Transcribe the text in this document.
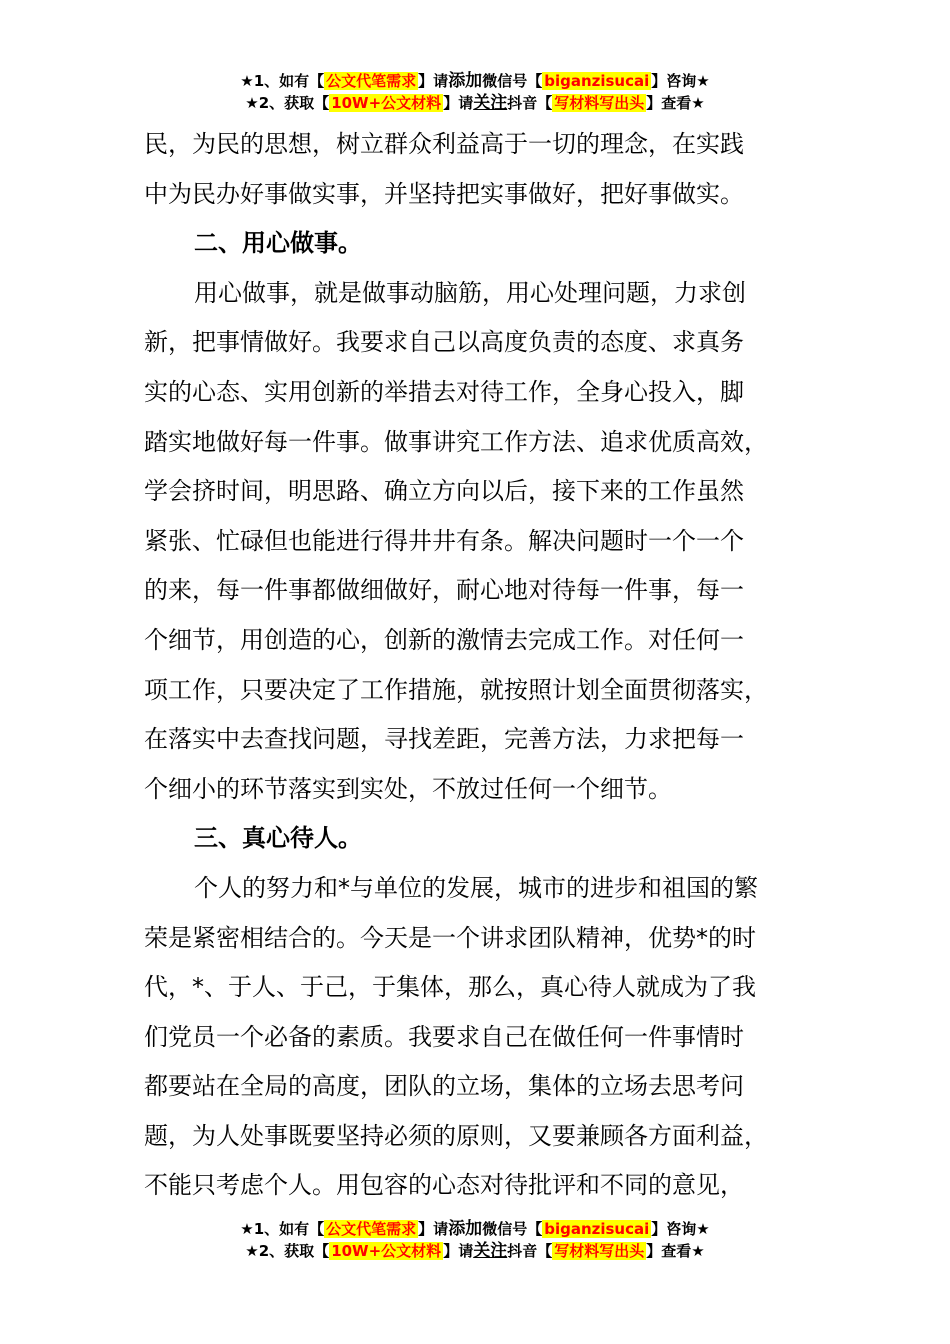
★1、如有【 公文代笔需求 】请添加微信号【 biganzisucai 】咨询★
★2、获取【 10W+公文材料 】请关注抖音【 写材料写出头 】查看★
民，为民的思想，树立群众利益高于一切的理念，在实践
中为民办好事做实事，并坚持把实事做好，把好事做实。
二、用心做事。
用心做事，就是做事动脑筋，用心处理问题，力求创
新，把事情做好。我要求自己以高度负责的态度、求真务
实的心态、实用创新的举措去对待工作，全身心投入，脚
踏实地做好每一件事。做事讲究工作方法、追求优质高效，
学会挤时间，明思路、确立方向以后，接下来的工作虽然
紧张、忙碌但也能进行得井井有条。解决问题时一个一个
的来，每一件事都做细做好，耐心地对待每一件事，每一
个细节，用创造的心，创新的激情去完成工作。对任何一
项工作，只要决定了工作措施，就按照计划全面贯彻落实，
在落实中去查找问题，寻找差距，完善方法，力求把每一
个细小的环节落实到实处，不放过任何一个细节。
三、真心待人。
个人的努力和*与单位的发展，城市的进步和祖国的繁
荣是紧密相结合的。今天是一个讲求团队精神，优势*的时
代，*、于人、于己，于集体，那么，真心待人就成为了我
们党员一个必备的素质。我要求自己在做任何一件事情时
都要站在全局的高度，团队的立场，集体的立场去思考问
题，为人处事既要坚持必须的原则，又要兼顾各方面利益，
不能只考虑个人。用包容的心态对待批评和不同的意见，
★1、如有【 公文代笔需求 】请添加微信号【 biganzisucai 】咨询★
★2、获取【 10W+公文材料 】请关注抖音【 写材料写出头 】查看★
